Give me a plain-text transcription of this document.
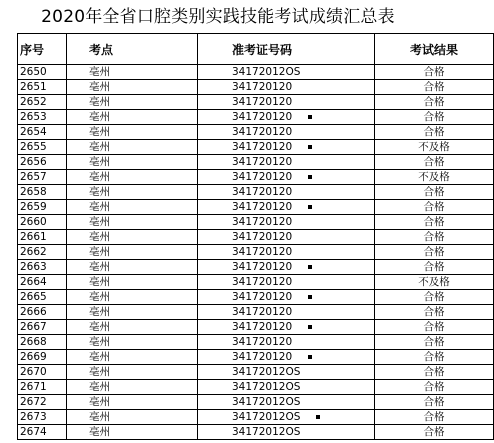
2020年全省口腔类别实践技能考试成绩汇总表
序号	考点	准考证号码	考试结果
2650	亳州	34172012OS	合格
2651	亳州	341720120	合格
2652	亳州	341720120	合格
2653	亳州	341720120	合格
2654	亳州	341720120	合格
2655	亳州	341720120	不及格
2656	亳州	341720120	合格
2657	亳州	341720120	不及格
2658	亳州	341720120	合格
2659	亳州	341720120	合格
2660	亳州	341720120	合格
2661	亳州	341720120	合格
2662	亳州	341720120	合格
2663	亳州	341720120	合格
2664	亳州	341720120	不及格
2665	亳州	341720120	合格
2666	亳州	341720120	合格
2667	亳州	341720120	合格
2668	亳州	341720120	合格
2669	亳州	341720120	合格
2670	亳州	34172012OS	合格
2671	亳州	34172012OS	合格
2672	亳州	34172012OS	合格
2673	亳州	34172012OS	合格
2674	亳州	34172012OS	合格
